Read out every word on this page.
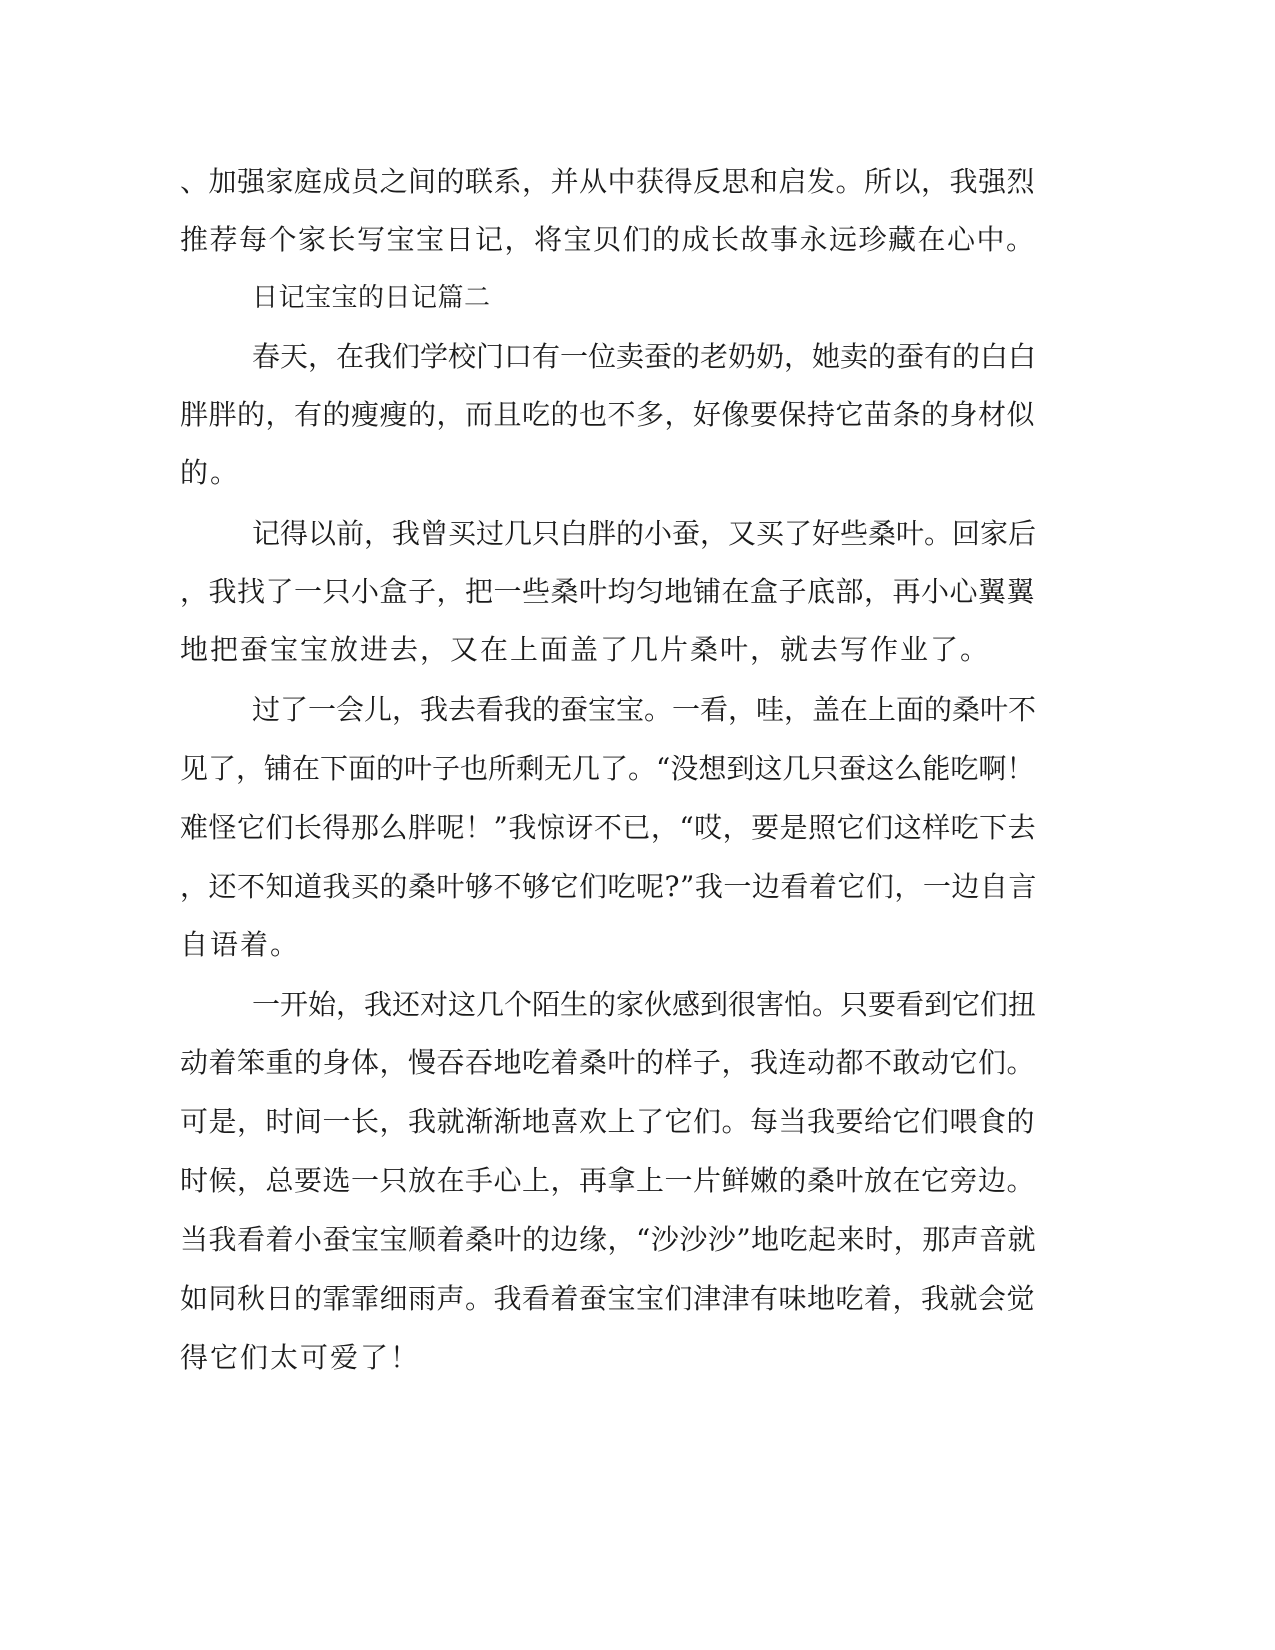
、加强家庭成员之间的联系，并从中获得反思和启发。所以，我强烈
推荐每个家长写宝宝日记，将宝贝们的成长故事永远珍藏在心中。
日记宝宝的日记篇二
春天，在我们学校门口有一位卖蚕的老奶奶，她卖的蚕有的白白
胖胖的，有的瘦瘦的，而且吃的也不多，好像要保持它苗条的身材似
的。
记得以前，我曾买过几只白胖的小蚕，又买了好些桑叶。回家后
，我找了一只小盒子，把一些桑叶均匀地铺在盒子底部，再小心翼翼
地把蚕宝宝放进去，又在上面盖了几片桑叶，就去写作业了。
过了一会儿，我去看我的蚕宝宝。一看，哇，盖在上面的桑叶不
见了，铺在下面的叶子也所剩无几了。“没想到这几只蚕这么能吃啊！
难怪它们长得那么胖呢！”我惊讶不已，“哎，要是照它们这样吃下去
，还不知道我买的桑叶够不够它们吃呢?”我一边看着它们，一边自言
自语着。
一开始，我还对这几个陌生的家伙感到很害怕。只要看到它们扭
动着笨重的身体，慢吞吞地吃着桑叶的样子，我连动都不敢动它们。
可是，时间一长，我就渐渐地喜欢上了它们。每当我要给它们喂食的
时候，总要选一只放在手心上，再拿上一片鲜嫩的桑叶放在它旁边。
当我看着小蚕宝宝顺着桑叶的边缘，“沙沙沙”地吃起来时，那声音就
如同秋日的霏霏细雨声。我看着蚕宝宝们津津有味地吃着，我就会觉
得它们太可爱了！
